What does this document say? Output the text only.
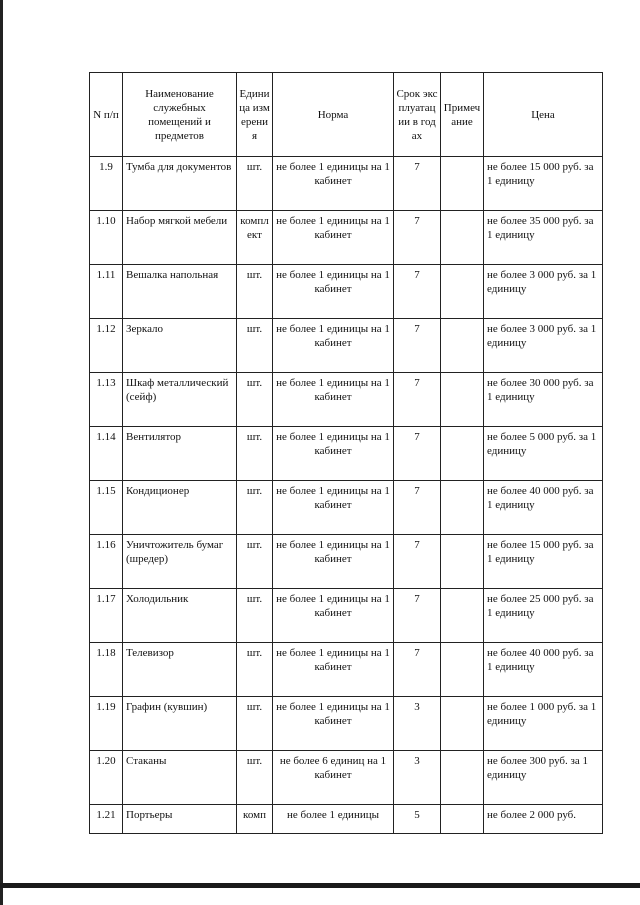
N п/п	Наименование служебных помещений и предметов	Единица измерения	Норма	Срок эксплуатации в годах	Примечание	Цена
1.9	Тумба для документов	шт.	не более 1 единицы на 1 кабинет	7		не более 15 000 руб. за 1 единицу
1.10	Набор мягкой мебели	комплект	не более 1 единицы на 1 кабинет	7		не более 35 000 руб. за 1 единицу
1.11	Вешалка напольная	шт.	не более 1 единицы на 1 кабинет	7		не более 3 000 руб. за 1 единицу
1.12	Зеркало	шт.	не более 1 единицы на 1 кабинет	7		не более 3 000 руб. за 1 единицу
1.13	Шкаф металлический (сейф)	шт.	не более 1 единицы на 1 кабинет	7		не более 30 000 руб. за 1 единицу
1.14	Вентилятор	шт.	не более 1 единицы на 1 кабинет	7		не более 5 000 руб. за 1 единицу
1.15	Кондиционер	шт.	не более 1 единицы на 1 кабинет	7		не более 40 000 руб. за 1 единицу
1.16	Уничтожитель бумаг (шредер)	шт.	не более 1 единицы на 1 кабинет	7		не более 15 000 руб. за 1 единицу
1.17	Холодильник	шт.	не более 1 единицы на 1 кабинет	7		не более 25 000 руб. за 1 единицу
1.18	Телевизор	шт.	не более 1 единицы на 1 кабинет	7		не более 40 000 руб. за 1 единицу
1.19	Графин (кувшин)	шт.	не более 1 единицы на 1 кабинет	3		не более 1 000 руб. за 1 единицу
1.20	Стаканы	шт.	не более 6 единиц на 1 кабинет	3		не более 300 руб. за 1 единицу
1.21	Портьеры	комп	не более 1 единицы	5		не более 2 000 руб.
